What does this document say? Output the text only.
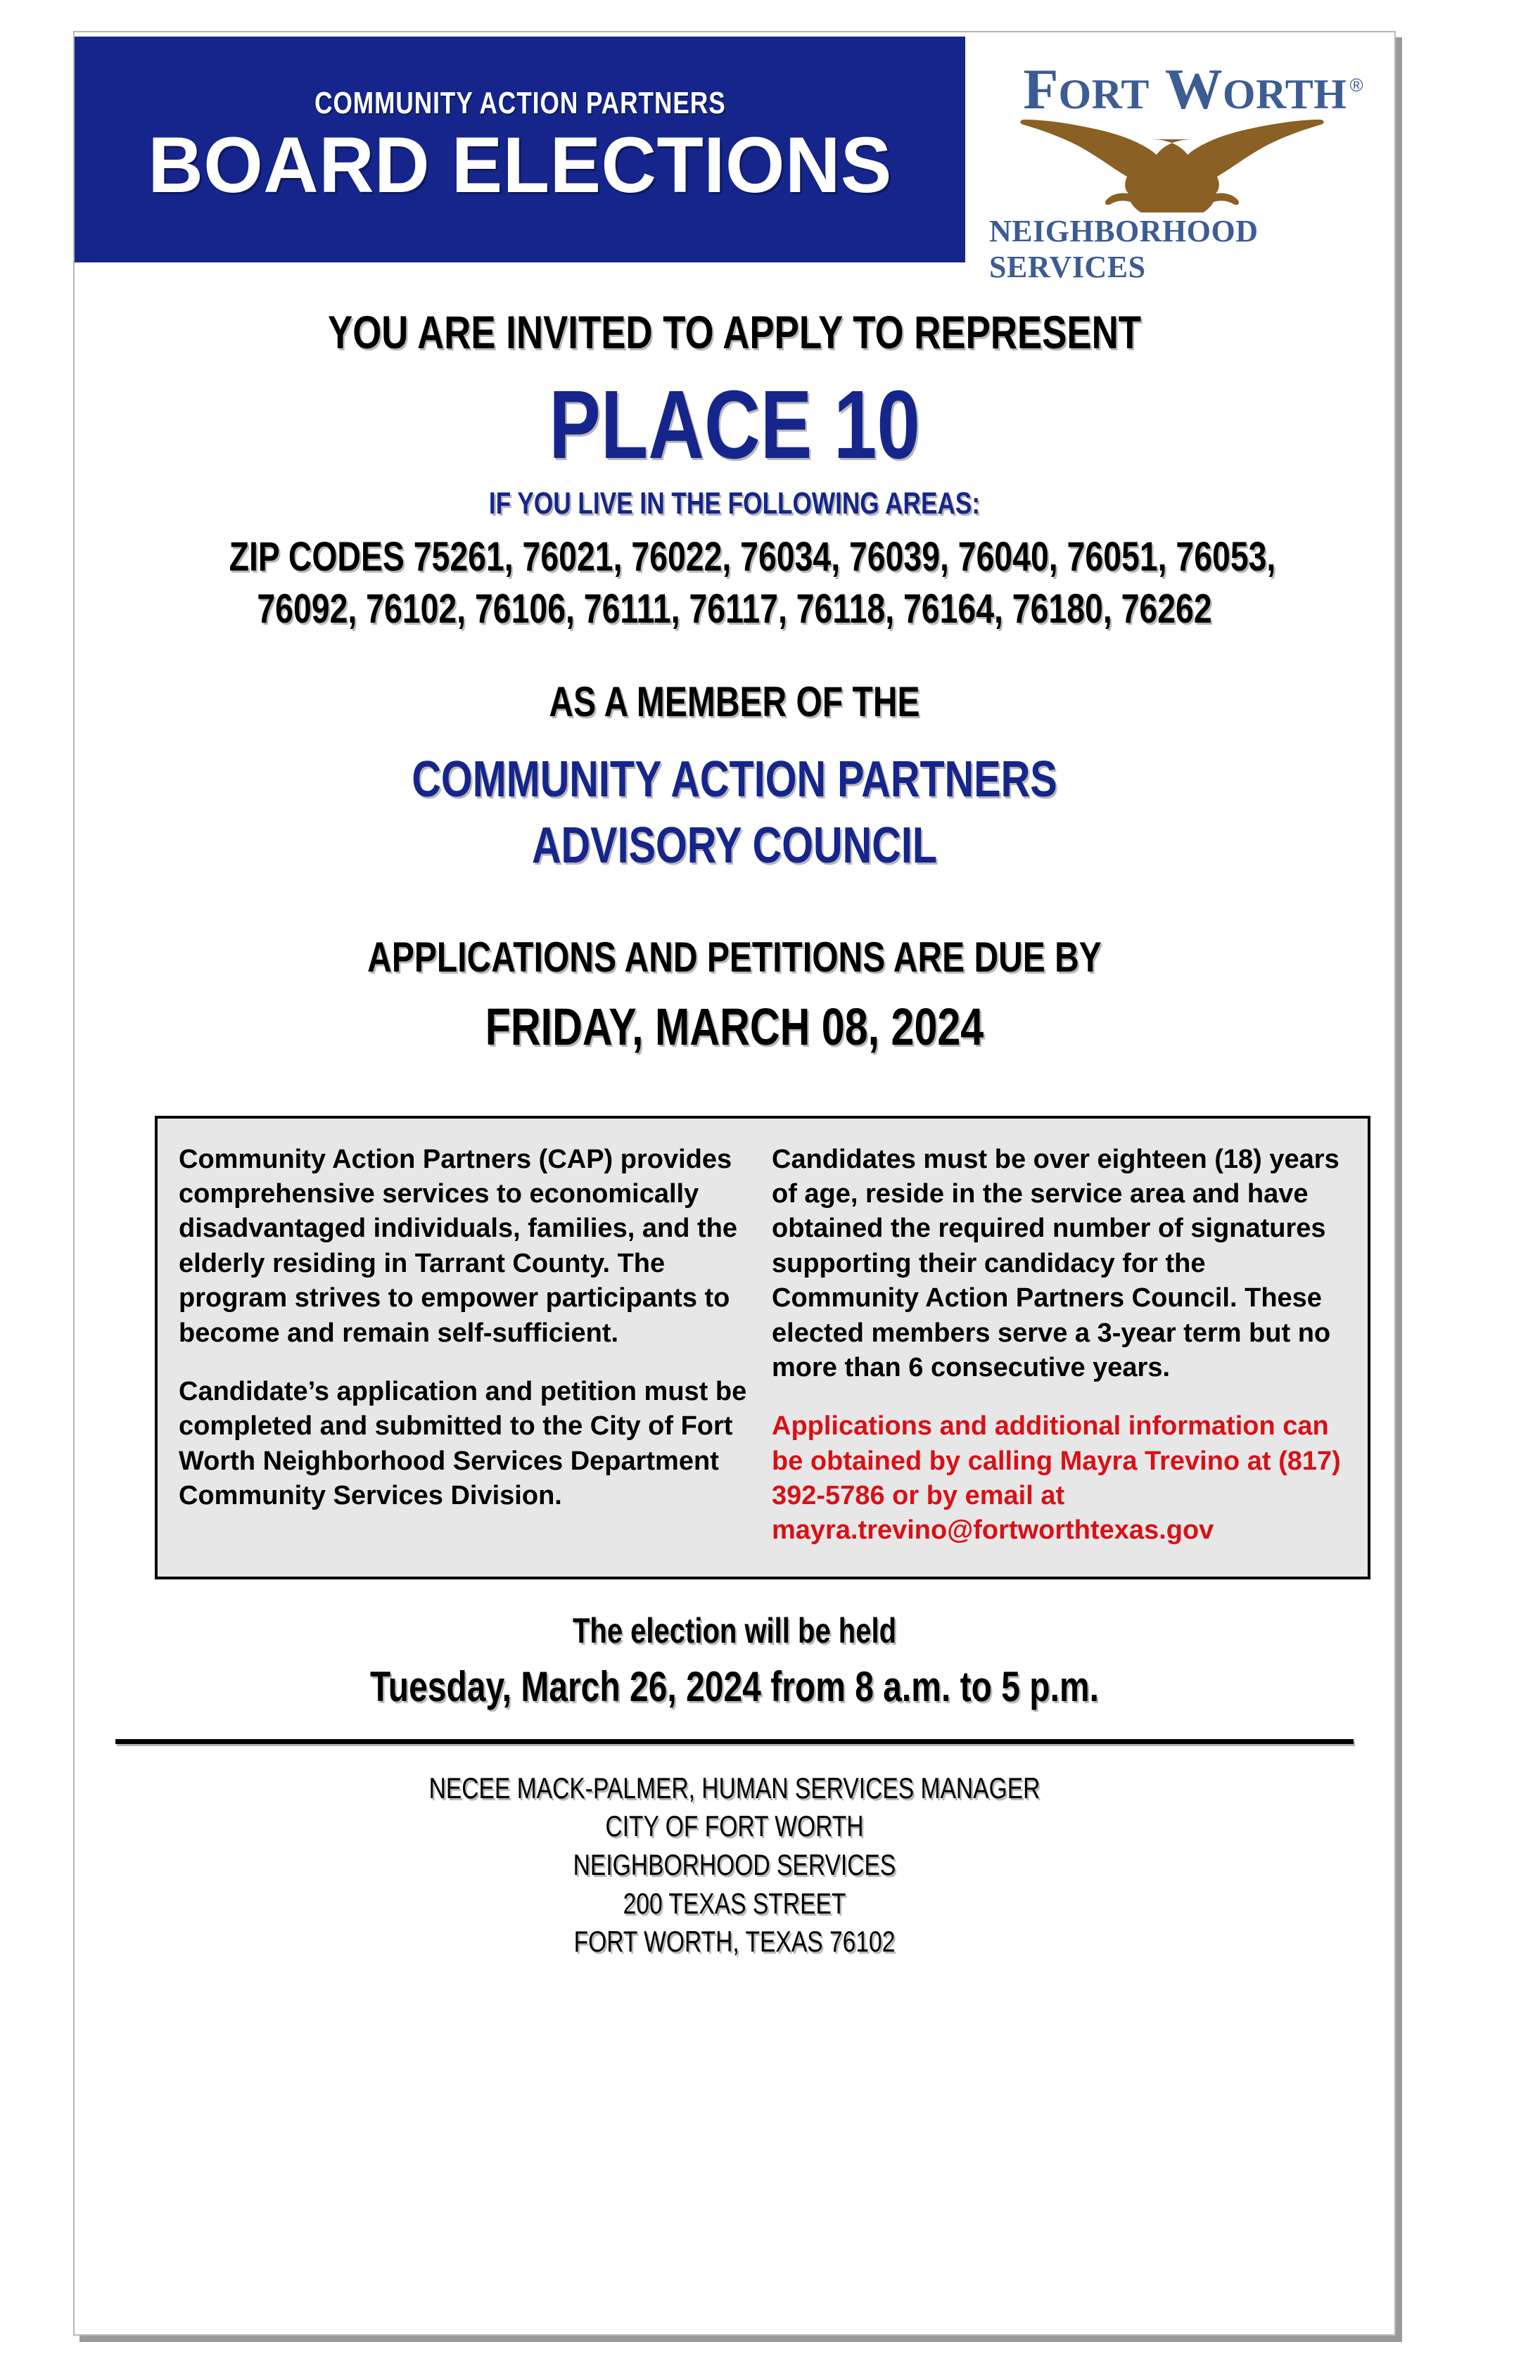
COMMUNITY ACTION PARTNERS
BOARD ELECTIONS
F ORT W ORTH ®
NEIGHBORHOOD SERVICES
YOU ARE INVITED TO APPLY TO REPRESENT
PLACE 10
IF YOU LIVE IN THE FOLLOWING AREAS:
ZIP CODES 75261, 76021, 76022, 76034, 76039, 76040, 76051, 76053,
76092, 76102, 76106, 76111, 76117, 76118, 76164, 76180, 76262
AS A MEMBER OF THE
COMMUNITY ACTION PARTNERS
ADVISORY COUNCIL
APPLICATIONS AND PETITIONS ARE DUE BY
FRIDAY, MARCH 08, 2024

Community Action Partners (CAP) provides comprehensive services to economically disadvantaged individuals, families, and the elderly residing in Tarrant County. The program strives to empower participants to become and remain self-sufficient.

Candidate’s application and petition must be completed and submitted to the City of Fort Worth Neighborhood Services Department Community Services Division.

Candidates must be over eighteen (18) years of age, reside in the service area and have obtained the required number of signatures supporting their candidacy for the Community Action Partners Council. These elected members serve a 3-year term but no more than 6 consecutive years.

Applications and additional information can be obtained by calling Mayra Trevino at (817) 392-5786 or by email at mayra.trevino@fortworthtexas.gov

The election will be held
Tuesday, March 26, 2024 from 8 a.m. to 5 p.m.
NECEE MACK-PALMER, HUMAN SERVICES MANAGER
CITY OF FORT WORTH
NEIGHBORHOOD SERVICES
200 TEXAS STREET
FORT WORTH, TEXAS 76102
